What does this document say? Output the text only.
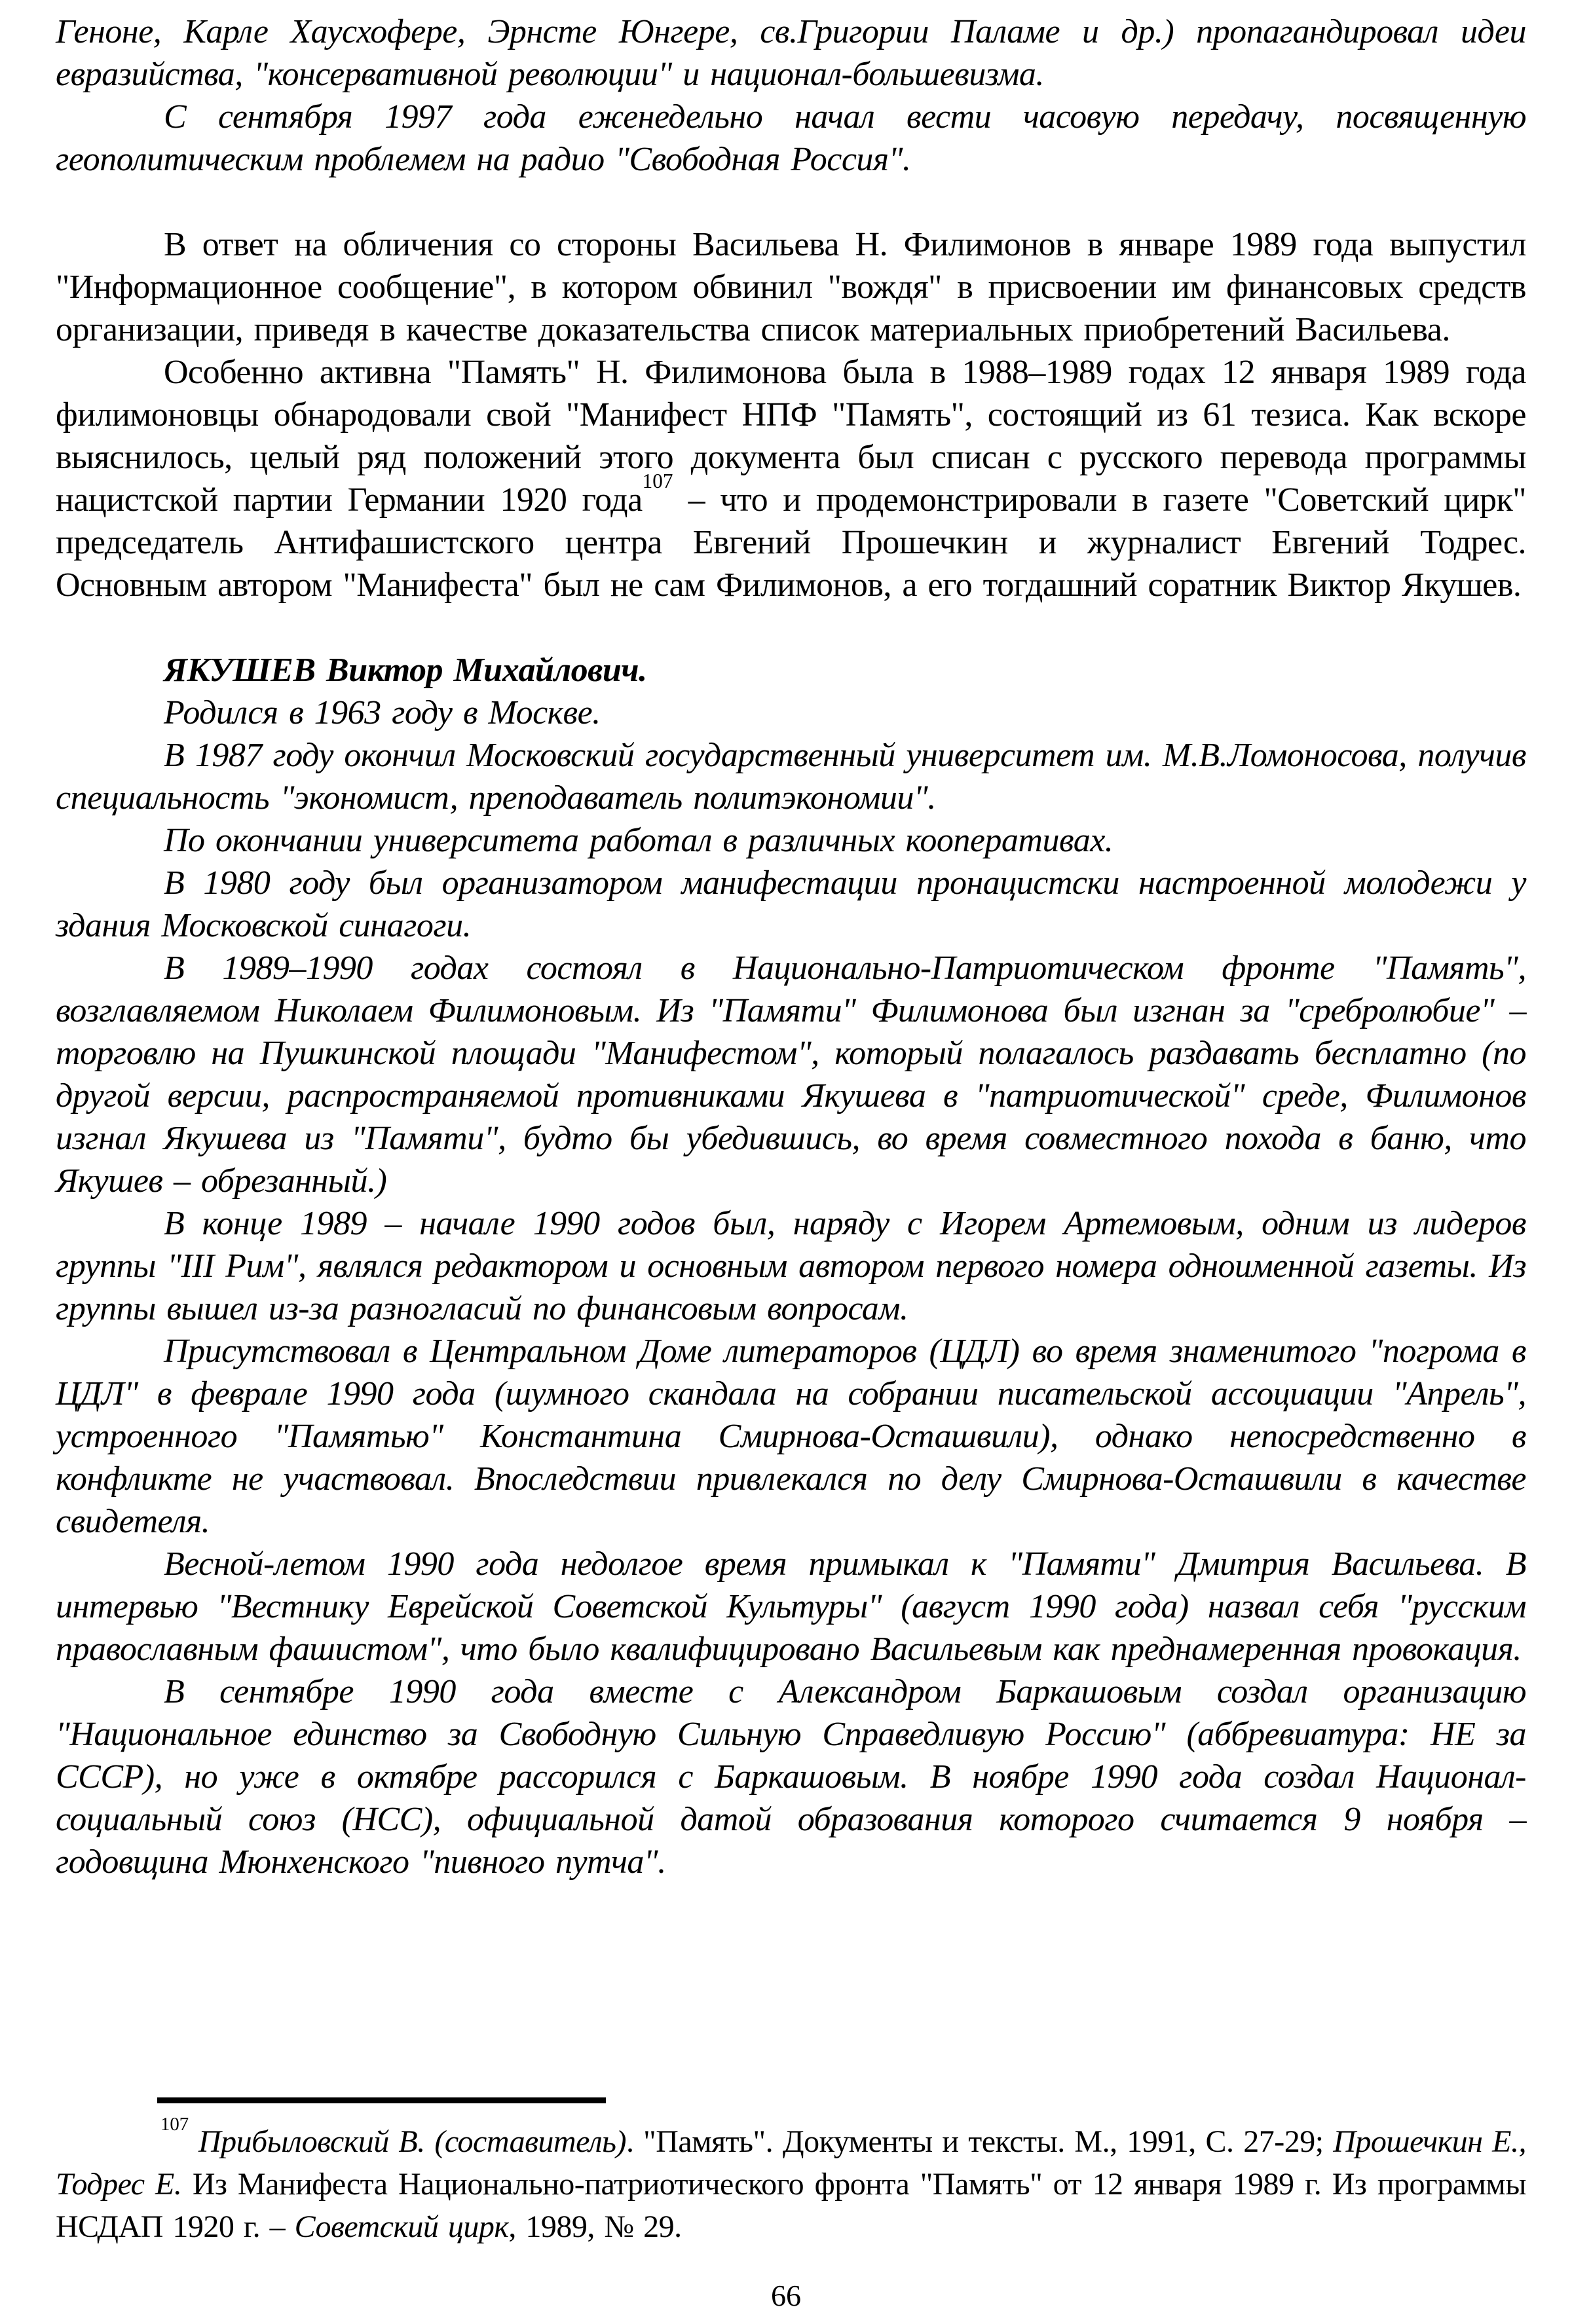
Геноне, Карле Хаусхофере, Эрнсте Юнгере, св.Григории Паламе и др.) пропагандировал идеи евразийства, "консервативной революции" и национал-большевизма.

С сентября 1997 года еженедельно начал вести часовую передачу, посвященную геополитическим проблемем на радио "Свободная Россия".

В ответ на обличения со стороны Васильева Н. Филимонов в январе 1989 года выпустил "Информационное сообщение", в котором обвинил "вождя" в присвоении им финансовых средств организации, приведя в качестве доказательства список материальных приобретений Васильева.

Особенно активна "Память" Н. Филимонова была в 1988–1989 годах 12 января 1989 года филимоновцы обнародовали свой "Манифест НПФ "Память", состоящий из 61 тезиса. Как вскоре выяснилось, целый ряд положений этого документа был списан с русского перевода программы нацистской партии Германии 1920 года$^{107}$ – что и продемонстрировали в газете "Советский цирк" председатель Антифашистского центра Евгений Прошечкин и журналист Евгений Тодрес. Основным автором "Манифеста" был не сам Филимонов, а его тогдашний соратник Виктор Якушев.

ЯКУШЕВ Виктор Михайлович.

Родился в 1963 году в Москве.

В 1987 году окончил Московский государственный университет им. М.В.Ломоносова, получив специальность "экономист, преподаватель политэкономии".

По окончании университета работал в различных кооперативах.

В 1980 году был организатором манифестации пронацистски настроенной молодежи у здания Московской синагоги.

В 1989–1990 годах состоял в Национально-Патриотическом фронте "Память", возглавляемом Николаем Филимоновым. Из "Памяти" Филимонова был изгнан за "сребролюбие" – торговлю на Пушкинской площади "Манифестом", который полагалось раздавать бесплатно (по другой версии, распространяемой противниками Якушева в "патриотической" среде, Филимонов изгнал Якушева из "Памяти", будто бы убедившись, во время совместного похода в баню, что Якушев – обрезанный.)

В конце 1989 – начале 1990 годов был, наряду с Игорем Артемовым, одним из лидеров группы "III Рим", являлся редактором и основным автором первого номера одноименной газеты. Из группы вышел из-за разногласий по финансовым вопросам.

Присутствовал в Центральном Доме литераторов (ЦДЛ) во время знаменитого "погрома в ЦДЛ" в феврале 1990 года (шумного скандала на собрании писательской ассоциации "Апрель", устроенного "Памятью" Константина Смирнова-Осташвили), однако непосредственно в конфликте не участвовал. Впоследствии привлекался по делу Смирнова-Осташвили в качестве свидетеля.

Весной-летом 1990 года недолгое время примыкал к "Памяти" Дмитрия Васильева. В интервью "Вестнику Еврейской Советской Культуры" (август 1990 года) назвал себя "русским православным фашистом", что было квалифицировано Васильевым как преднамеренная провокация.

В сентябре 1990 года вместе с Александром Баркашовым создал организацию "Национальное единство за Свободную Сильную Справедливую Россию" (аббревиатура: НЕ за СССР), но уже в октябре рассорился с Баркашовым. В ноябре 1990 года создал Национал-социальный союз (НСС), официальной датой образования которого считается 9 ноября – годовщина Мюнхенского "пивного путча".

$^{107}$ Прибыловский В. (составитель). "Память". Документы и тексты. М., 1991, С. 27-29; Прошечкин Е., Тодрес Е. Из Манифеста Национально-патриотического фронта "Память" от 12 января 1989 г. Из программы НСДАП 1920 г. – Советский цирк, 1989, № 29.
66
